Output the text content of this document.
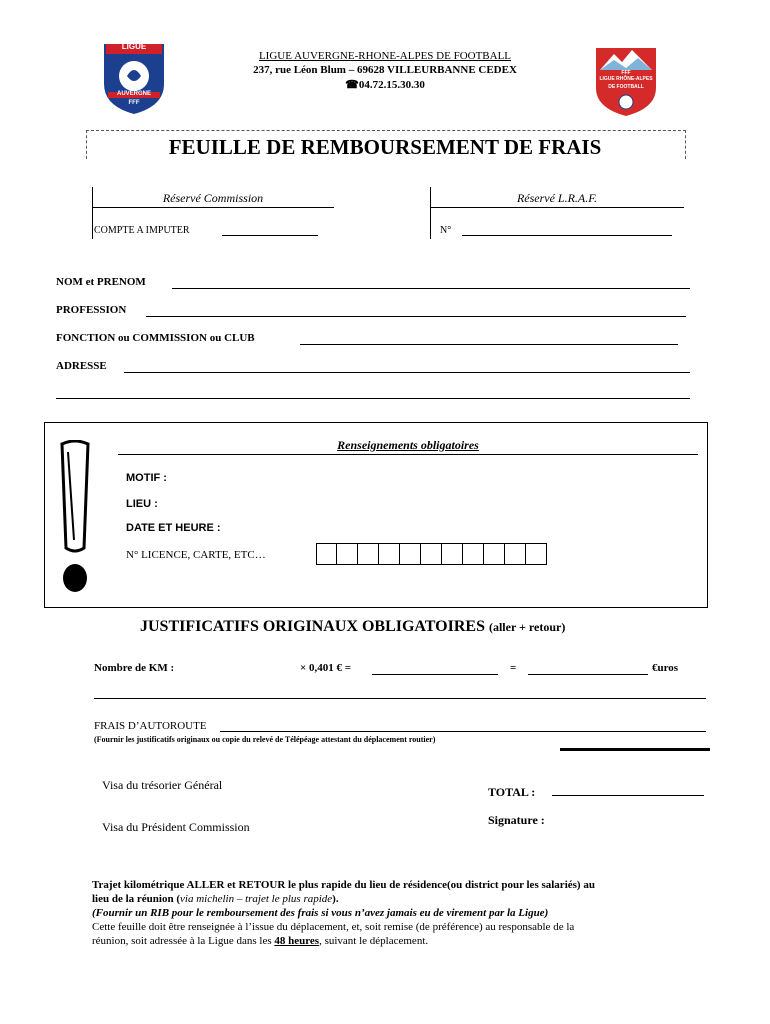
LIGUE
AUVERGNE
FFF
LIGUE AUVERGNE-RHONE-ALPES DE FOOTBALL
237, rue Léon Blum – 69628 VILLEURBANNE CEDEX
☎04.72.15.30.30
FFF
LIGUE RHÔNE-ALPES
DE FOOTBALL
FEUILLE DE REMBOURSEMENT DE FRAIS
Réservé Commission
COMPTE A IMPUTER
Réservé L.R.A.F.
N°
NOM et PRENOM
PROFESSION
FONCTION ou COMMISSION ou CLUB
ADRESSE
Renseignements obligatoires
MOTIF :
LIEU :
DATE ET HEURE :
N° LICENCE, CARTE, ETC…
JUSTIFICATIFS ORIGINAUX OBLIGATOIRES (aller + retour)
Nombre de KM :	× 0,401 € =	=	€uros
FRAIS D’AUTOROUTE
(Fournir les justificatifs originaux ou copie du relevé de Télépéage attestant du déplacement routier)
Visa du trésorier Général	TOTAL :
Signature :
Visa du Président Commission
Trajet kilométrique ALLER et RETOUR le plus rapide du lieu de résidence(ou district pour les salariés) au
lieu de la réunion (via michelin – trajet le plus rapide).
(Fournir un RIB pour le remboursement des frais si vous n’avez jamais eu de virement par la Ligue)
Cette feuille doit être renseignée à l’issue du déplacement, et, soit remise (de préférence) au responsable de la
réunion, soit adressée à la Ligue dans les 48 heures, suivant le déplacement.
